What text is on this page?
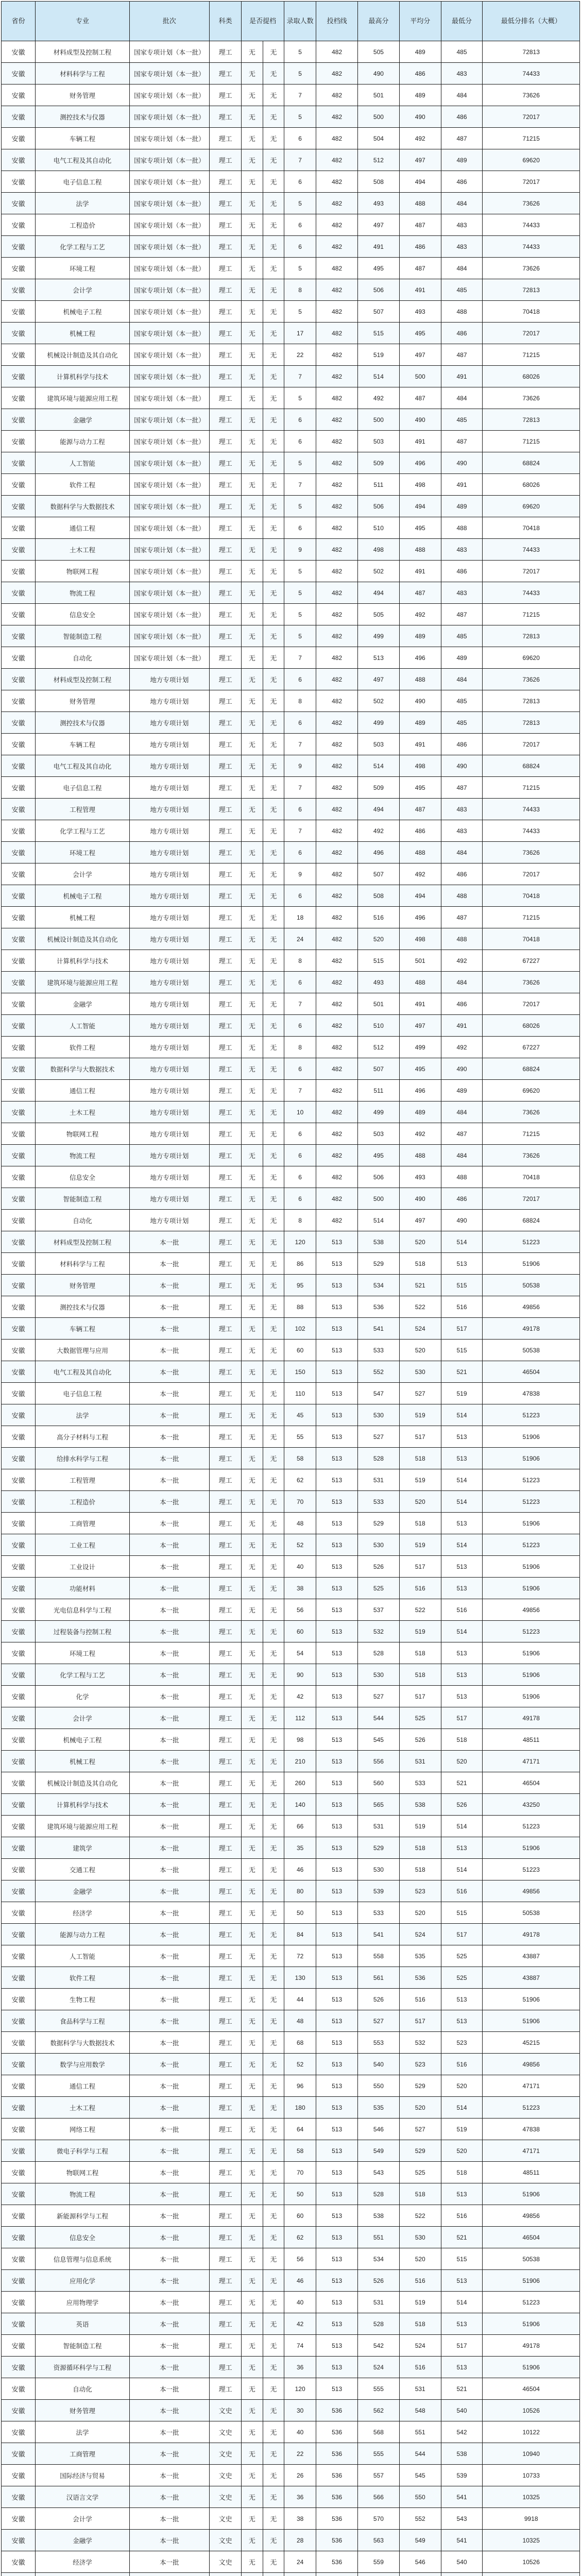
省份	专业	批次	科类	是否提档		录取人数	投档线	最高分	平均分	最低分	最低分排名（大概）
安徽	材料成型及控制工程	国家专项计划（本一批）	理工	无	无	5	482	505	489	485	72813
安徽	材料科学与工程	国家专项计划（本一批）	理工	无	无	5	482	490	486	483	74433
安徽	财务管理	国家专项计划（本一批）	理工	无	无	7	482	501	489	484	73626
安徽	测控技术与仪器	国家专项计划（本一批）	理工	无	无	5	482	500	490	486	72017
安徽	车辆工程	国家专项计划（本一批）	理工	无	无	6	482	504	492	487	71215
安徽	电气工程及其自动化	国家专项计划（本一批）	理工	无	无	7	482	512	497	489	69620
安徽	电子信息工程	国家专项计划（本一批）	理工	无	无	6	482	508	494	486	72017
安徽	法学	国家专项计划（本一批）	理工	无	无	5	482	493	488	484	73626
安徽	工程造价	国家专项计划（本一批）	理工	无	无	6	482	497	487	483	74433
安徽	化学工程与工艺	国家专项计划（本一批）	理工	无	无	6	482	491	486	483	74433
安徽	环境工程	国家专项计划（本一批）	理工	无	无	5	482	495	487	484	73626
安徽	会计学	国家专项计划（本一批）	理工	无	无	8	482	506	491	485	72813
安徽	机械电子工程	国家专项计划（本一批）	理工	无	无	5	482	507	493	488	70418
安徽	机械工程	国家专项计划（本一批）	理工	无	无	17	482	515	495	486	72017
安徽	机械设计制造及其自动化	国家专项计划（本一批）	理工	无	无	22	482	519	497	487	71215
安徽	计算机科学与技术	国家专项计划（本一批）	理工	无	无	7	482	514	500	491	68026
安徽	建筑环境与能源应用工程	国家专项计划（本一批）	理工	无	无	5	482	492	487	484	73626
安徽	金融学	国家专项计划（本一批）	理工	无	无	6	482	500	490	485	72813
安徽	能源与动力工程	国家专项计划（本一批）	理工	无	无	6	482	503	491	487	71215
安徽	人工智能	国家专项计划（本一批）	理工	无	无	5	482	509	496	490	68824
安徽	软件工程	国家专项计划（本一批）	理工	无	无	7	482	511	498	491	68026
安徽	数据科学与大数据技术	国家专项计划（本一批）	理工	无	无	5	482	506	494	489	69620
安徽	通信工程	国家专项计划（本一批）	理工	无	无	6	482	510	495	488	70418
安徽	土木工程	国家专项计划（本一批）	理工	无	无	9	482	498	488	483	74433
安徽	物联网工程	国家专项计划（本一批）	理工	无	无	5	482	502	491	486	72017
安徽	物流工程	国家专项计划（本一批）	理工	无	无	5	482	494	487	483	74433
安徽	信息安全	国家专项计划（本一批）	理工	无	无	5	482	505	492	487	71215
安徽	智能制造工程	国家专项计划（本一批）	理工	无	无	5	482	499	489	485	72813
安徽	自动化	国家专项计划（本一批）	理工	无	无	7	482	513	496	489	69620
安徽	材料成型及控制工程	地方专项计划	理工	无	无	6	482	497	488	484	73626
安徽	财务管理	地方专项计划	理工	无	无	8	482	502	490	485	72813
安徽	测控技术与仪器	地方专项计划	理工	无	无	6	482	499	489	485	72813
安徽	车辆工程	地方专项计划	理工	无	无	7	482	503	491	486	72017
安徽	电气工程及其自动化	地方专项计划	理工	无	无	9	482	514	498	490	68824
安徽	电子信息工程	地方专项计划	理工	无	无	7	482	509	495	487	71215
安徽	工程管理	地方专项计划	理工	无	无	6	482	494	487	483	74433
安徽	化学工程与工艺	地方专项计划	理工	无	无	7	482	492	486	483	74433
安徽	环境工程	地方专项计划	理工	无	无	6	482	496	488	484	73626
安徽	会计学	地方专项计划	理工	无	无	9	482	507	492	486	72017
安徽	机械电子工程	地方专项计划	理工	无	无	6	482	508	494	488	70418
安徽	机械工程	地方专项计划	理工	无	无	18	482	516	496	487	71215
安徽	机械设计制造及其自动化	地方专项计划	理工	无	无	24	482	520	498	488	70418
安徽	计算机科学与技术	地方专项计划	理工	无	无	8	482	515	501	492	67227
安徽	建筑环境与能源应用工程	地方专项计划	理工	无	无	6	482	493	488	484	73626
安徽	金融学	地方专项计划	理工	无	无	7	482	501	491	486	72017
安徽	人工智能	地方专项计划	理工	无	无	6	482	510	497	491	68026
安徽	软件工程	地方专项计划	理工	无	无	8	482	512	499	492	67227
安徽	数据科学与大数据技术	地方专项计划	理工	无	无	6	482	507	495	490	68824
安徽	通信工程	地方专项计划	理工	无	无	7	482	511	496	489	69620
安徽	土木工程	地方专项计划	理工	无	无	10	482	499	489	484	73626
安徽	物联网工程	地方专项计划	理工	无	无	6	482	503	492	487	71215
安徽	物流工程	地方专项计划	理工	无	无	6	482	495	488	484	73626
安徽	信息安全	地方专项计划	理工	无	无	6	482	506	493	488	70418
安徽	智能制造工程	地方专项计划	理工	无	无	6	482	500	490	486	72017
安徽	自动化	地方专项计划	理工	无	无	8	482	514	497	490	68824
安徽	材料成型及控制工程	本一批	理工	无	无	120	513	538	520	514	51223
安徽	材料科学与工程	本一批	理工	无	无	86	513	529	518	513	51906
安徽	财务管理	本一批	理工	无	无	95	513	534	521	515	50538
安徽	测控技术与仪器	本一批	理工	无	无	88	513	536	522	516	49856
安徽	车辆工程	本一批	理工	无	无	102	513	541	524	517	49178
安徽	大数据管理与应用	本一批	理工	无	无	60	513	533	520	515	50538
安徽	电气工程及其自动化	本一批	理工	无	无	150	513	552	530	521	46504
安徽	电子信息工程	本一批	理工	无	无	110	513	547	527	519	47838
安徽	法学	本一批	理工	无	无	45	513	530	519	514	51223
安徽	高分子材料与工程	本一批	理工	无	无	55	513	527	517	513	51906
安徽	给排水科学与工程	本一批	理工	无	无	58	513	528	518	513	51906
安徽	工程管理	本一批	理工	无	无	62	513	531	519	514	51223
安徽	工程造价	本一批	理工	无	无	70	513	533	520	514	51223
安徽	工商管理	本一批	理工	无	无	48	513	529	518	513	51906
安徽	工业工程	本一批	理工	无	无	52	513	530	519	514	51223
安徽	工业设计	本一批	理工	无	无	40	513	526	517	513	51906
安徽	功能材料	本一批	理工	无	无	38	513	525	516	513	51906
安徽	光电信息科学与工程	本一批	理工	无	无	56	513	537	522	516	49856
安徽	过程装备与控制工程	本一批	理工	无	无	60	513	532	519	514	51223
安徽	环境工程	本一批	理工	无	无	54	513	528	518	513	51906
安徽	化学工程与工艺	本一批	理工	无	无	90	513	530	518	513	51906
安徽	化学	本一批	理工	无	无	42	513	527	517	513	51906
安徽	会计学	本一批	理工	无	无	112	513	544	525	517	49178
安徽	机械电子工程	本一批	理工	无	无	98	513	545	526	518	48511
安徽	机械工程	本一批	理工	无	无	210	513	556	531	520	47171
安徽	机械设计制造及其自动化	本一批	理工	无	无	260	513	560	533	521	46504
安徽	计算机科学与技术	本一批	理工	无	无	140	513	565	538	526	43250
安徽	建筑环境与能源应用工程	本一批	理工	无	无	66	513	531	519	514	51223
安徽	建筑学	本一批	理工	无	无	35	513	529	518	513	51906
安徽	交通工程	本一批	理工	无	无	46	513	530	518	514	51223
安徽	金融学	本一批	理工	无	无	80	513	539	523	516	49856
安徽	经济学	本一批	理工	无	无	50	513	533	520	515	50538
安徽	能源与动力工程	本一批	理工	无	无	84	513	541	524	517	49178
安徽	人工智能	本一批	理工	无	无	72	513	558	535	525	43887
安徽	软件工程	本一批	理工	无	无	130	513	561	536	525	43887
安徽	生物工程	本一批	理工	无	无	44	513	526	516	513	51906
安徽	食品科学与工程	本一批	理工	无	无	48	513	527	517	513	51906
安徽	数据科学与大数据技术	本一批	理工	无	无	68	513	553	532	523	45215
安徽	数学与应用数学	本一批	理工	无	无	52	513	540	523	516	49856
安徽	通信工程	本一批	理工	无	无	96	513	550	529	520	47171
安徽	土木工程	本一批	理工	无	无	180	513	535	520	514	51223
安徽	网络工程	本一批	理工	无	无	64	513	546	527	519	47838
安徽	微电子科学与工程	本一批	理工	无	无	58	513	549	529	520	47171
安徽	物联网工程	本一批	理工	无	无	70	513	543	525	518	48511
安徽	物流工程	本一批	理工	无	无	50	513	528	518	513	51906
安徽	新能源科学与工程	本一批	理工	无	无	60	513	538	522	516	49856
安徽	信息安全	本一批	理工	无	无	62	513	551	530	521	46504
安徽	信息管理与信息系统	本一批	理工	无	无	56	513	534	520	515	50538
安徽	应用化学	本一批	理工	无	无	46	513	526	516	513	51906
安徽	应用物理学	本一批	理工	无	无	40	513	531	519	514	51223
安徽	英语	本一批	理工	无	无	42	513	528	518	513	51906
安徽	智能制造工程	本一批	理工	无	无	74	513	542	524	517	49178
安徽	资源循环科学与工程	本一批	理工	无	无	36	513	524	516	513	51906
安徽	自动化	本一批	理工	无	无	120	513	555	531	521	46504
安徽	财务管理	本一批	文史	无	无	30	536	562	548	540	10526
安徽	法学	本一批	文史	无	无	40	536	568	551	542	10122
安徽	工商管理	本一批	文史	无	无	22	536	555	544	538	10940
安徽	国际经济与贸易	本一批	文史	无	无	26	536	557	545	539	10733
安徽	汉语言文学	本一批	文史	无	无	36	536	566	550	541	10325
安徽	会计学	本一批	文史	无	无	38	536	570	552	543	9918
安徽	金融学	本一批	文史	无	无	28	536	563	549	541	10325
安徽	经济学	本一批	文史	无	无	24	536	559	546	540	10526
